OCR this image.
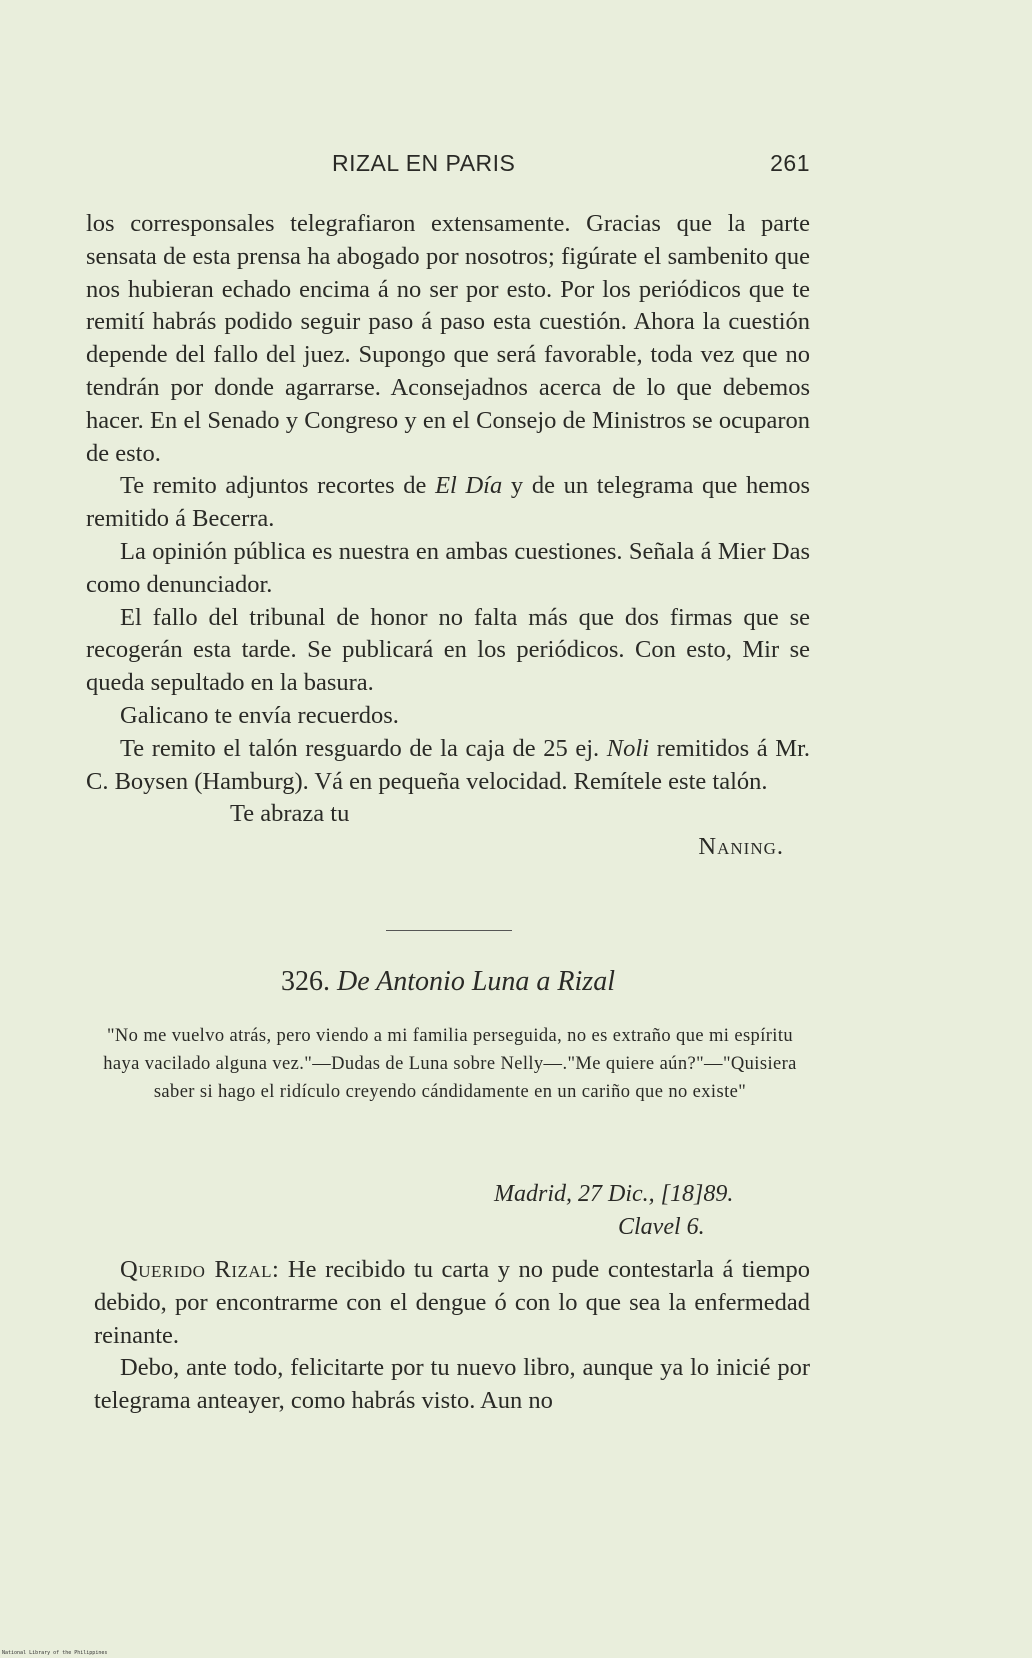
RIZAL EN PARIS	261

los corresponsales telegrafiaron extensamente. Gracias que la parte sensata de esta prensa ha abogado por nosotros; figúrate el sambenito que nos hubieran echado encima á no ser por esto. Por los periódicos que te remití habrás podido seguir paso á paso esta cuestión. Ahora la cuestión depende del fallo del juez. Supongo que será favorable, toda vez que no tendrán por donde agarrarse. Aconsejadnos acerca de lo que debemos hacer. En el Senado y Congreso y en el Consejo de Ministros se ocuparon de esto.

Te remito adjuntos recortes de El Día y de un telegrama que hemos remitido á Becerra.

La opinión pública es nuestra en ambas cuestiones. Señala á Mier Das como denunciador.

El fallo del tribunal de honor no falta más que dos firmas que se recogerán esta tarde. Se publicará en los periódicos. Con esto, Mir se queda sepultado en la basura.

Galicano te envía recuerdos.

Te remito el talón resguardo de la caja de 25 ej. Noli remitidos á Mr. C. Boysen (Hamburg). Vá en pequeña velocidad. Remítele este talón.

Te abraza tu

Naning.

326. De Antonio Luna a Rizal
"No me vuelvo atrás, pero viendo a mi familia perseguida, no es extraño que mi espíritu haya vacilado alguna vez."—Dudas de Luna sobre Nelly—."Me quiere aún?"—"Quisiera saber si hago el ridículo creyendo cándidamente en un cariño que no existe"
Madrid, 27 Dic., [18]89.
Clavel 6.

Querido Rizal: He recibido tu carta y no pude contestarla á tiempo debido, por encontrarme con el dengue ó con lo que sea la enfermedad reinante.

Debo, ante todo, felicitarte por tu nuevo libro, aunque ya lo inicié por telegrama anteayer, como habrás visto. Aun no

National Library of the Philippines
